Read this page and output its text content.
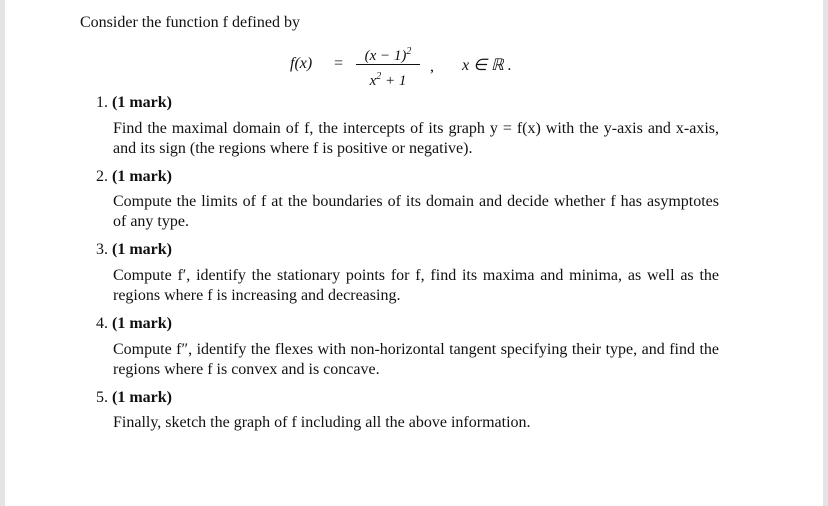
Consider the function f defined by
f(x) =	$(x - 1)^2$
$x^2 + 1$
, x ∈ ℝ .
1. (1 mark)
Find the maximal domain of f, the intercepts of its graph y = f(x) with the y-axis and x-axis, and its sign (the regions where f is positive or negative).
2. (1 mark)
Compute the limits of f at the boundaries of its domain and decide whether f has asymptotes of any type.
3. (1 mark)
Compute f′, identify the stationary points for f, find its maxima and minima, as well as the regions where f is increasing and decreasing.
4. (1 mark)
Compute f″, identify the flexes with non-horizontal tangent specifying their type, and find the regions where f is convex and is concave.
5. (1 mark)
Finally, sketch the graph of f including all the above information.
